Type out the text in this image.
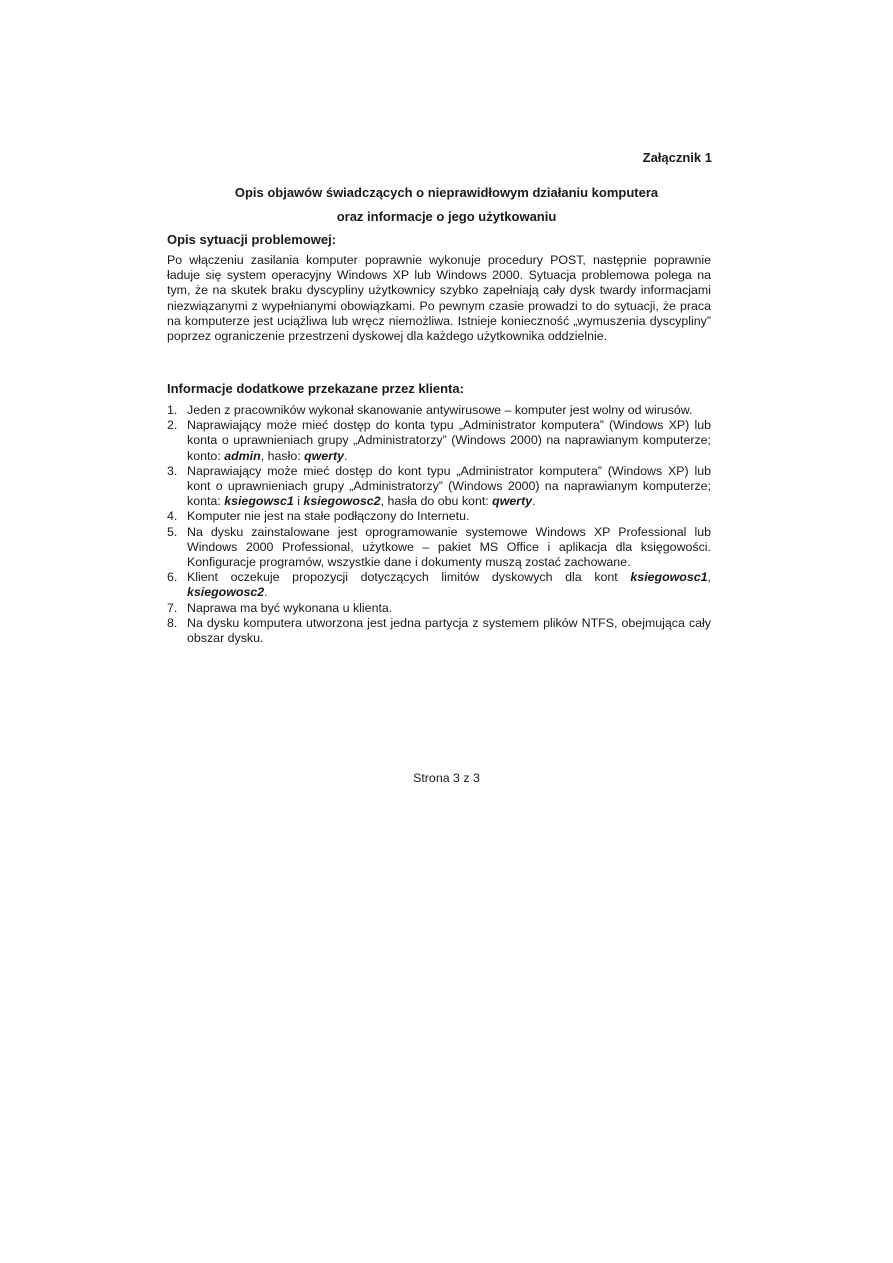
Załącznik 1
Opis objawów świadczących o nieprawidłowym działaniu komputera
oraz informacje o jego użytkowaniu
Opis sytuacji problemowej:
Po włączeniu zasilania komputer poprawnie wykonuje procedury POST, następnie poprawnie ładuje się system operacyjny Windows XP lub Windows 2000. Sytuacja problemowa polega na tym, że na skutek braku dyscypliny użytkownicy szybko zapełniają cały dysk twardy informacjami niezwiązanymi z wypełnianymi obowiązkami. Po pewnym czasie prowadzi to do sytuacji, że praca na komputerze jest uciążliwa lub wręcz niemożliwa. Istnieje konieczność „wymuszenia dyscypliny” poprzez ograniczenie przestrzeni dyskowej dla każdego użytkownika oddzielnie.
Informacje dodatkowe przekazane przez klienta:
1. Jeden z pracowników wykonał skanowanie antywirusowe – komputer jest wolny od wirusów.
2. Naprawiający może mieć dostęp do konta typu „Administrator komputera” (Windows XP) lub konta o uprawnieniach grupy „Administratorzy” (Windows 2000) na naprawianym komputerze; konto: admin, hasło: qwerty.
3. Naprawiający może mieć dostęp do kont typu „Administrator komputera” (Windows XP) lub kont o uprawnieniach grupy „Administratorzy” (Windows 2000) na naprawianym komputerze; konta: ksiegowsc1 i ksiegowosc2, hasła do obu kont: qwerty.
4. Komputer nie jest na stałe podłączony do Internetu.
5. Na dysku zainstalowane jest oprogramowanie systemowe Windows XP Professional lub Windows 2000 Professional, użytkowe – pakiet MS Office i aplikacja dla księgowości. Konfiguracje programów, wszystkie dane i dokumenty muszą zostać zachowane.
6. Klient oczekuje propozycji dotyczących limitów dyskowych dla kont ksiegowosc1, ksiegowosc2.
7. Naprawa ma być wykonana u klienta.
8. Na dysku komputera utworzona jest jedna partycja z systemem plików NTFS, obejmująca cały obszar dysku.
Strona 3 z 3
